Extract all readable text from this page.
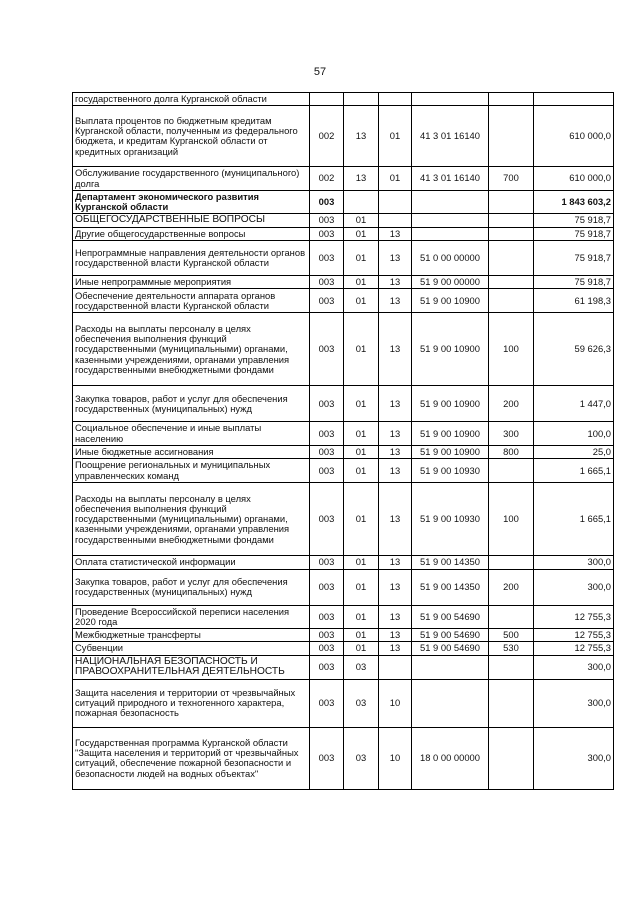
57
государственного долга Курганской области						
Выплата процентов по бюджетным кредитам Курганской области, полученным из федерального бюджета, и кредитам Курганской области от кредитных организаций	002	13	01	41 3 01 16140		610 000,0
Обслуживание государственного (муниципального) долга	002	13	01	41 3 01 16140	700	610 000,0
Департамент экономического развития Курганской области	003					1 843 603,2
ОБЩЕГОСУДАРСТВЕННЫЕ ВОПРОСЫ	003	01				75 918,7
Другие общегосударственные вопросы	003	01	13			75 918,7
Непрограммные направления деятельности органов государственной власти Курганской области	003	01	13	51 0 00 00000		75 918,7
Иные непрограммные мероприятия	003	01	13	51 9 00 00000		75 918,7
Обеспечение деятельности аппарата органов государственной власти Курганской области	003	01	13	51 9 00 10900		61 198,3
Расходы на выплаты персоналу в целях обеспечения выполнения функций государственными (муниципальными) органами, казенными учреждениями, органами управления государственными внебюджетными фондами	003	01	13	51 9 00 10900	100	59 626,3
Закупка товаров, работ и услуг для обеспечения государственных (муниципальных) нужд	003	01	13	51 9 00 10900	200	1 447,0
Социальное обеспечение и иные выплаты населению	003	01	13	51 9 00 10900	300	100,0
Иные бюджетные ассигнования	003	01	13	51 9 00 10900	800	25,0
Поощрение региональных и муниципальных управленческих команд	003	01	13	51 9 00 10930		1 665,1
Расходы на выплаты персоналу в целях обеспечения выполнения функций государственными (муниципальными) органами, казенными учреждениями, органами управления государственными внебюджетными фондами	003	01	13	51 9 00 10930	100	1 665,1
Оплата статистической информации	003	01	13	51 9 00 14350		300,0
Закупка товаров, работ и услуг для обеспечения государственных (муниципальных) нужд	003	01	13	51 9 00 14350	200	300,0
Проведение Всероссийской переписи населения 2020 года	003	01	13	51 9 00 54690		12 755,3
Межбюджетные трансферты	003	01	13	51 9 00 54690	500	12 755,3
Субвенции	003	01	13	51 9 00 54690	530	12 755,3
НАЦИОНАЛЬНАЯ БЕЗОПАСНОСТЬ И ПРАВООХРАНИТЕЛЬНАЯ ДЕЯТЕЛЬНОСТЬ	003	03				300,0
Защита населения и территории от чрезвычайных ситуаций природного и техногенного характера, пожарная безопасность	003	03	10			300,0
Государственная программа Курганской области "Защита населения и территорий от чрезвычайных ситуаций, обеспечение пожарной безопасности и безопасности людей на водных объектах"	003	03	10	18 0 00 00000		300,0
